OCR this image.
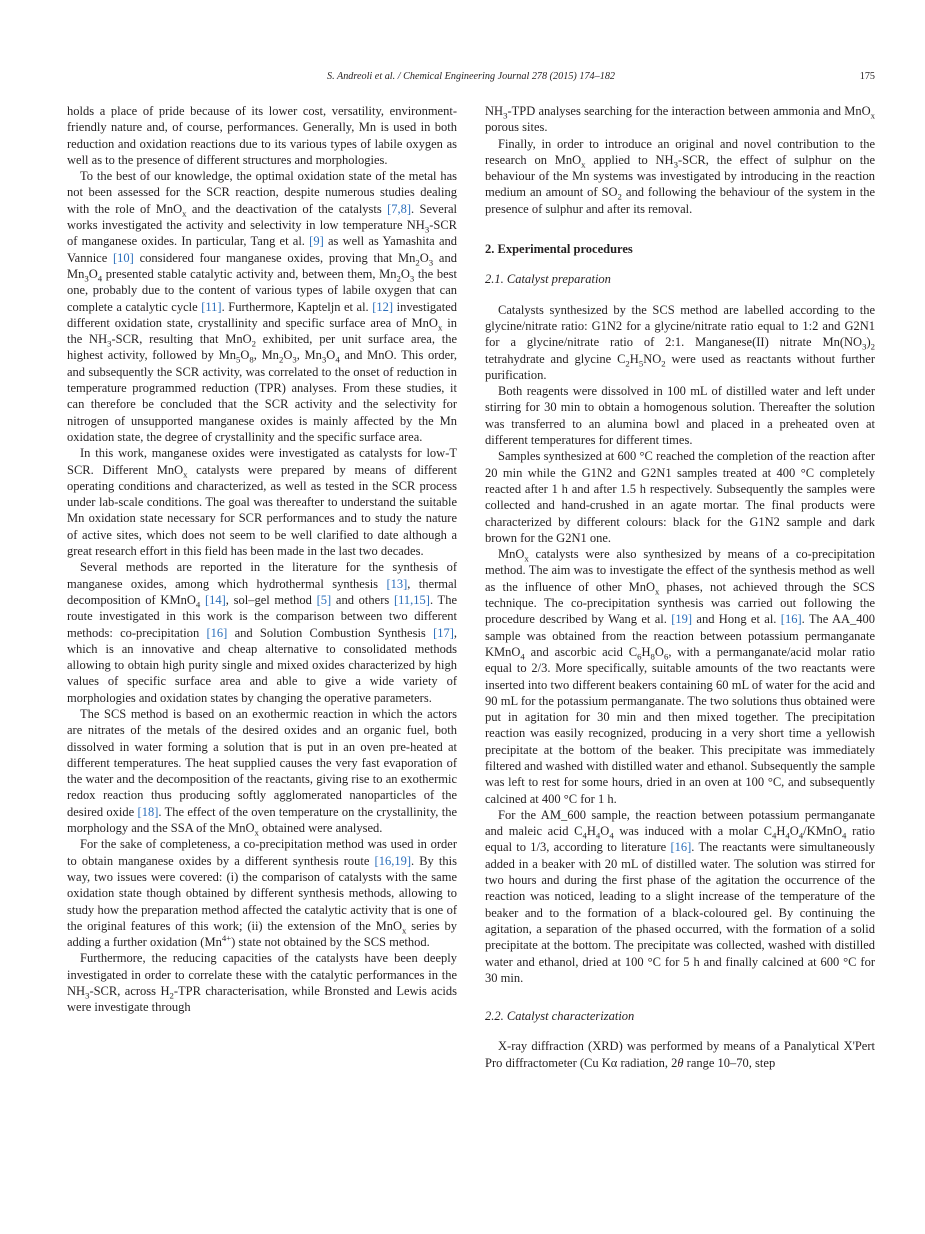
S. Andreoli et al. / Chemical Engineering Journal 278 (2015) 174–182	175

holds a place of pride because of its lower cost, versatility, environment-friendly nature and, of course, performances. Generally, Mn is used in both reduction and oxidation reactions due to its various types of labile oxygen as well as to the presence of different structures and morphologies.

To the best of our knowledge, the optimal oxidation state of the metal has not been assessed for the SCR reaction, despite numerous studies dealing with the role of MnO$_x$ and the deactivation of the catalysts [7,8]. Several works investigated the activity and selectivity in low temperature $NH_3$-SCR of manganese oxides. In particular, Tang et al. [9] as well as Yamashita and Vannice [10] considered four manganese oxides, proving that $Mn_2O_3$ and $Mn_3O_4$ presented stable catalytic activity and, between them, $Mn_2O_3$ the best one, probably due to the content of various types of labile oxygen that can complete a catalytic cycle [11]. Furthermore, Kapteljn et al. [12] investigated different oxidation state, crystallinity and specific surface area of MnO$_x$ in the $NH_3$-SCR, resulting that MnO$_2$ exhibited, per unit surface area, the highest activity, followed by $Mn_5O_8$, $Mn_2O_3$, $Mn_3O_4$ and MnO. This order, and subsequently the SCR activity, was correlated to the onset of reduction in temperature programmed reduction (TPR) analyses. From these studies, it can therefore be concluded that the SCR activity and the selectivity for nitrogen of unsupported manganese oxides is mainly affected by the Mn oxidation state, the degree of crystallinity and the specific surface area.

In this work, manganese oxides were investigated as catalysts for low-T SCR. Different MnO$_x$ catalysts were prepared by means of different operating conditions and characterized, as well as tested in the SCR process under lab-scale conditions. The goal was thereafter to understand the suitable Mn oxidation state necessary for SCR performances and to study the nature of active sites, which does not seem to be well clarified to date although a great research effort in this field has been made in the last two decades.

Several methods are reported in the literature for the synthesis of manganese oxides, among which hydrothermal synthesis [13], thermal decomposition of KMnO$_4$ [14], sol–gel method [5] and others [11,15]. The route investigated in this work is the comparison between two different methods: co-precipitation [16] and Solution Combustion Synthesis [17], which is an innovative and cheap alternative to consolidated methods allowing to obtain high purity single and mixed oxides characterized by high values of specific surface area and able to give a wide variety of morphologies and oxidation states by changing the operative parameters.

The SCS method is based on an exothermic reaction in which the actors are nitrates of the metals of the desired oxides and an organic fuel, both dissolved in water forming a solution that is put in an oven pre-heated at different temperatures. The heat supplied causes the very fast evaporation of the water and the decomposition of the reactants, giving rise to an exothermic redox reaction thus producing softly agglomerated nanoparticles of the desired oxide [18]. The effect of the oven temperature on the crystallinity, the morphology and the SSA of the MnO$_x$ obtained were analysed.

For the sake of completeness, a co-precipitation method was used in order to obtain manganese oxides by a different synthesis route [16,19]. By this way, two issues were covered: (i) the comparison of catalysts with the same oxidation state though obtained by different synthesis methods, allowing to study how the preparation method affected the catalytic activity that is one of the original features of this work; (ii) the extension of the MnO$_x$ series by adding a further oxidation $(Mn^{4+})$ state not obtained by the SCS method.

Furthermore, the reducing capacities of the catalysts have been deeply investigated in order to correlate these with the catalytic performances in the $NH_3$-SCR, across $H_2$-TPR characterisation, while Bronsted and Lewis acids were investigate through

$NH_3$-TPD analyses searching for the interaction between ammonia and MnO$_x$ porous sites.

Finally, in order to introduce an original and novel contribution to the research on MnO$_x$ applied to $NH_3$-SCR, the effect of sulphur on the behaviour of the Mn systems was investigated by introducing in the reaction medium an amount of $SO_2$ and following the behaviour of the system in the presence of sulphur and after its removal.

2. Experimental procedures
2.1. Catalyst preparation

Catalysts synthesized by the SCS method are labelled according to the glycine/nitrate ratio: G1N2 for a glycine/nitrate ratio equal to 1:2 and G2N1 for a glycine/nitrate ratio of 2:1. Manganese(II) nitrate $Mn(NO_3)_2$ tetrahydrate and glycine $C_2H_5NO_2$ were used as reactants without further purification.

Both reagents were dissolved in 100 mL of distilled water and left under stirring for 30 min to obtain a homogenous solution. Thereafter the solution was transferred to an alumina bowl and placed in a preheated oven at different temperatures for different times.

Samples synthesized at 600 °C reached the completion of the reaction after 20 min while the G1N2 and G2N1 samples treated at 400 °C completely reacted after 1 h and after 1.5 h respectively. Subsequently the samples were collected and hand-crushed in an agate mortar. The final products were characterized by different colours: black for the G1N2 sample and dark brown for the G2N1 one.

MnO$_x$ catalysts were also synthesized by means of a co-precipitation method. The aim was to investigate the effect of the synthesis method as well as the influence of other MnO$_x$ phases, not achieved through the SCS technique. The co-precipitation synthesis was carried out following the procedure described by Wang et al. [19] and Hong et al. [16]. The AA_400 sample was obtained from the reaction between potassium permanganate KMnO$_4$ and ascorbic acid $C_6H_8O_6$, with a permanganate/acid molar ratio equal to 2/3. More specifically, suitable amounts of the two reactants were inserted into two different beakers containing 60 mL of water for the acid and 90 mL for the potassium permanganate. The two solutions thus obtained were put in agitation for 30 min and then mixed together. The precipitation reaction was easily recognized, producing in a very short time a yellowish precipitate at the bottom of the beaker. This precipitate was immediately filtered and washed with distilled water and ethanol. Subsequently the sample was left to rest for some hours, dried in an oven at 100 °C, and subsequently calcined at 400 °C for 1 h.

For the AM_600 sample, the reaction between potassium permanganate and maleic acid $C_4H_4O_4$ was induced with a molar $C_4H_4O_4/KMnO_4$ ratio equal to 1/3, according to literature [16]. The reactants were simultaneously added in a beaker with 20 mL of distilled water. The solution was stirred for two hours and during the first phase of the agitation the occurrence of the reaction was noticed, leading to a slight increase of the temperature of the beaker and to the formation of a black-coloured gel. By continuing the agitation, a separation of the phased occurred, with the formation of a solid precipitate at the bottom. The precipitate was collected, washed with distilled water and ethanol, dried at 100 °C for 5 h and finally calcined at 600 °C for 30 min.

2.2. Catalyst characterization

X-ray diffraction (XRD) was performed by means of a Panalytical X'Pert Pro diffractometer (Cu Kα radiation, 2θ range 10–70, step
